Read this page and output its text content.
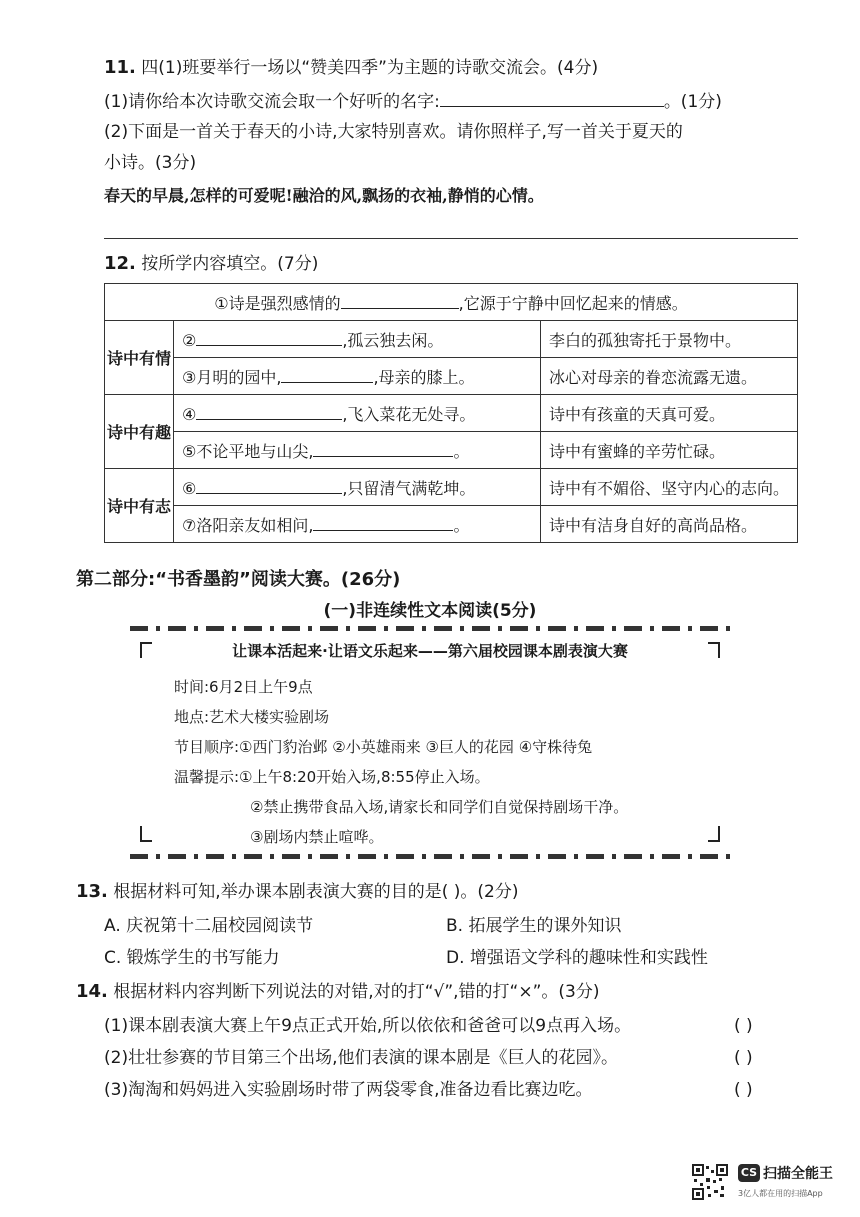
11. 四(1)班要举行一场以“赞美四季”为主题的诗歌交流会。(4分)
(1)请你给本次诗歌交流会取一个好听的名字:	。(1分)
(2)下面是一首关于春天的小诗,大家特别喜欢。请你照样子,写一首关于夏天的
小诗。(3分)
春天的早晨,怎样的可爱呢!融洽的风,飘扬的衣袖,静悄的心情。
12. 按所学内容填空。(7分)
①诗是强烈感情的 ,它源于宁静中回忆起来的情感。		
诗中有情	② ,孤云独去闲。	李白的孤独寄托于景物中。
	③月明的园中, ,母亲的膝上。	冰心对母亲的眷恋流露无遗。
诗中有趣	④ ,飞入菜花无处寻。	诗中有孩童的天真可爱。
	⑤不论平地与山尖, 。	诗中有蜜蜂的辛劳忙碌。
诗中有志	⑥ ,只留清气满乾坤。	诗中有不媚俗、坚守内心的志向。
	⑦洛阳亲友如相问, 。	诗中有洁身自好的高尚品格。
第二部分:“书香墨韵”阅读大赛。(26分)
(一)非连续性文本阅读(5分)
让课本活起来·让语文乐起来——第六届校园课本剧表演大赛
时间:6月2日上午9点
地点:艺术大楼实验剧场
节目顺序:①西门豹治邺 ②小英雄雨来 ③巨人的花园 ④守株待兔
温馨提示:①上午8:20开始入场,8:55停止入场。
②禁止携带食品入场,请家长和同学们自觉保持剧场干净。
③剧场内禁止喧哗。
13. 根据材料可知,举办课本剧表演大赛的目的是( )。(2分)
A. 庆祝第十二届校园阅读节	B. 拓展学生的课外知识
C. 锻炼学生的书写能力	D. 增强语文学科的趣味性和实践性
14. 根据材料内容判断下列说法的对错,对的打“√”,错的打“×”。(3分)
(1)课本剧表演大赛上午9点正式开始,所以依依和爸爸可以9点再入场。	( )
(2)壮壮参赛的节目第三个出场,他们表演的课本剧是《巨人的花园》。	( )
(3)淘淘和妈妈进入实验剧场时带了两袋零食,准备边看比赛边吃。	( )
CS 扫描全能王
3亿人都在用的扫描App
